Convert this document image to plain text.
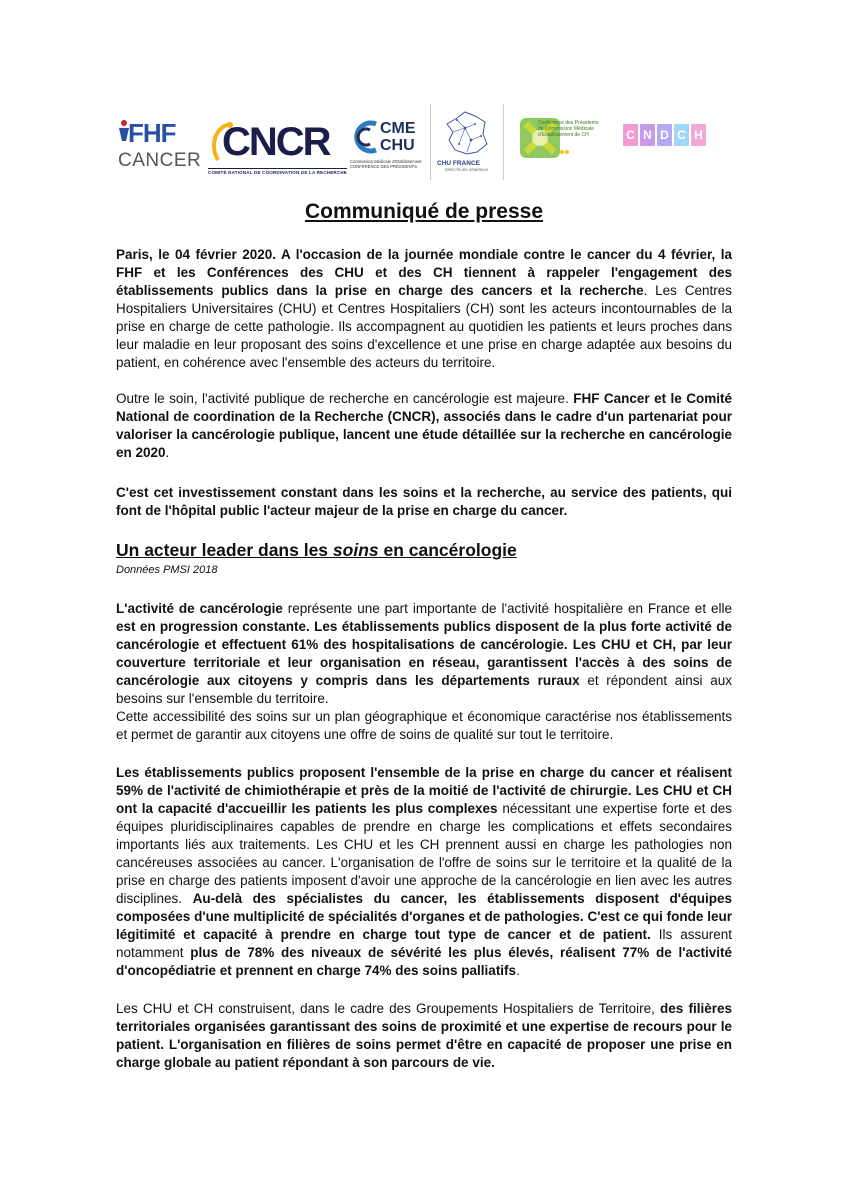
FHF
CANCER CNCR
COMITÉ NATIONAL DE COORDINATION DE LA RECHERCHE
CME
CHU
Commission Médicale d'Etablissement
CONFÉRENCE DES PRÉSIDENTS	CHU FRANCE
DIRECTEURS GÉNÉRAUX
Conférence des Présidents de Commission Médicale d'Etablissement de CH	C N D C H
Communiqué de presse

Paris, le 04 février 2020. A l'occasion de la journée mondiale contre le cancer du 4 février, la FHF et les Conférences des CHU et des CH tiennent à rappeler l'engagement des établissements publics dans la prise en charge des cancers et la recherche. Les Centres Hospitaliers Universitaires (CHU) et Centres Hospitaliers (CH) sont les acteurs incontournables de la prise en charge de cette pathologie. Ils accompagnent au quotidien les patients et leurs proches dans leur maladie en leur proposant des soins d'excellence et une prise en charge adaptée aux besoins du patient, en cohérence avec l'ensemble des acteurs du territoire.

Outre le soin, l'activité publique de recherche en cancérologie est majeure. FHF Cancer et le Comité National de coordination de la Recherche (CNCR), associés dans le cadre d'un partenariat pour valoriser la cancérologie publique, lancent une étude détaillée sur la recherche en cancérologie en 2020.

C'est cet investissement constant dans les soins et la recherche, au service des patients, qui font de l'hôpital public l'acteur majeur de la prise en charge du cancer.

Un acteur leader dans les soins en cancérologie

Données PMSI 2018

L'activité de cancérologie représente une part importante de l'activité hospitalière en France et elle est en progression constante. Les établissements publics disposent de la plus forte activité de cancérologie et effectuent 61% des hospitalisations de cancérologie. Les CHU et CH, par leur couverture territoriale et leur organisation en réseau, garantissent l'accès à des soins de cancérologie aux citoyens y compris dans les départements ruraux et répondent ainsi aux besoins sur l'ensemble du territoire.
Cette accessibilité des soins sur un plan géographique et économique caractérise nos établissements et permet de garantir aux citoyens une offre de soins de qualité sur tout le territoire.

Les établissements publics proposent l'ensemble de la prise en charge du cancer et réalisent 59% de l'activité de chimiothérapie et près de la moitié de l'activité de chirurgie. Les CHU et CH ont la capacité d'accueillir les patients les plus complexes nécessitant une expertise forte et des équipes pluridisciplinaires capables de prendre en charge les complications et effets secondaires importants liés aux traitements. Les CHU et les CH prennent aussi en charge les pathologies non cancéreuses associées au cancer. L'organisation de l'offre de soins sur le territoire et la qualité de la prise en charge des patients imposent d'avoir une approche de la cancérologie en lien avec les autres disciplines. Au-delà des spécialistes du cancer, les établissements disposent d'équipes composées d'une multiplicité de spécialités d'organes et de pathologies. C'est ce qui fonde leur légitimité et capacité à prendre en charge tout type de cancer et de patient. Ils assurent notamment plus de 78% des niveaux de sévérité les plus élevés, réalisent 77% de l'activité d'oncopédiatrie et prennent en charge 74% des soins palliatifs.

Les CHU et CH construisent, dans le cadre des Groupements Hospitaliers de Territoire, des filières territoriales organisées garantissant des soins de proximité et une expertise de recours pour le patient. L'organisation en filières de soins permet d'être en capacité de proposer une prise en charge globale au patient répondant à son parcours de vie.
